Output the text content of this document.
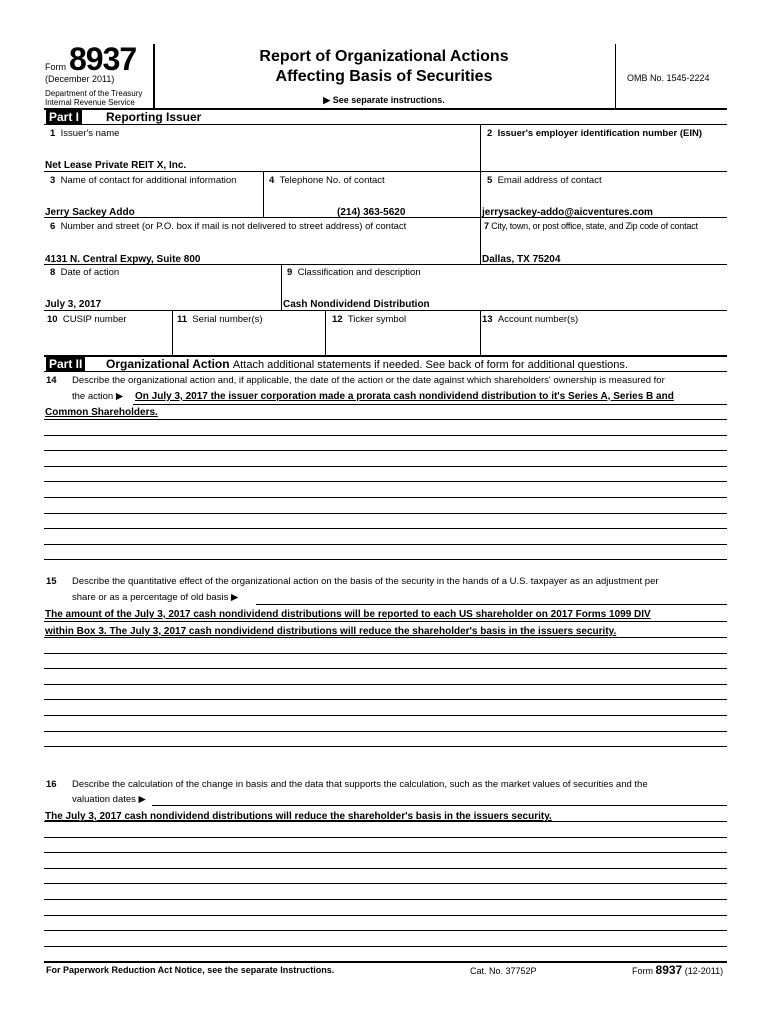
Form 8937
(December 2011)
Department of the Treasury
Internal Revenue Service
Report of Organizational Actions
Affecting Basis of Securities
▶ See separate instructions.
OMB No. 1545-2224
Part I Reporting Issuer
1 Issuer's name
Net Lease Private REIT X, Inc.
2 Issuer's employer identification number (EIN)
3 Name of contact for additional information
Jerry Sackey Addo
4 Telephone No. of contact
(214) 363-5620
5 Email address of contact
jerrysackey-addo@aicventures.com
6 Number and street (or P.O. box if mail is not delivered to street address) of contact
4131 N. Central Expwy, Suite 800
7 City, town, or post office, state, and Zip code of contact
Dallas, TX 75204
8 Date of action
July 3, 2017
9 Classification and description
Cash Nondividend Distribution
10 CUSIP number	11 Serial number(s)	12 Ticker symbol	13 Account number(s)
Part II Organizational Action Attach additional statements if needed. See back of form for additional questions.
14 Describe the organizational action and, if applicable, the date of the action or the date against which shareholders' ownership is measured for
the action ▶ On July 3, 2017 the issuer corporation made a prorata cash nondividend distribution to it's Series A, Series B and
Common Shareholders.
15 Describe the quantitative effect of the organizational action on the basis of the security in the hands of a U.S. taxpayer as an adjustment per
share or as a percentage of old basis ▶
The amount of the July 3, 2017 cash nondividend distributions will be reported to each US shareholder on 2017 Forms 1099 DIV
within Box 3. The July 3, 2017 cash nondividend distributions will reduce the shareholder's basis in the issuers security.
16 Describe the calculation of the change in basis and the data that supports the calculation, such as the market values of securities and the
valuation dates ▶
The July 3, 2017 cash nondividend distributions will reduce the shareholder's basis in the issuers security.
For Paperwork Reduction Act Notice, see the separate Instructions.	Cat. No. 37752P	Form 8937 (12-2011)
